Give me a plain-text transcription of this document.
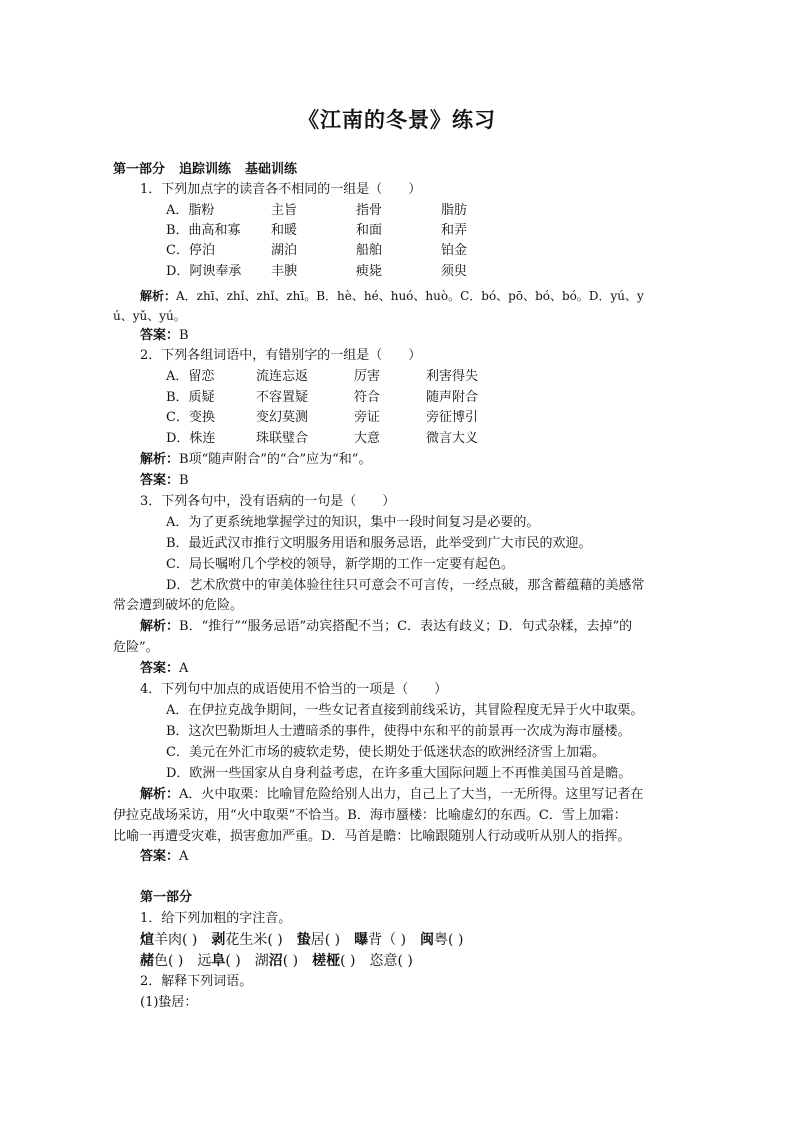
《江南的冬景》练习
第一部分 追踪训练 基础训练
1．下列加点字的读音各不相同的一组是（　　）
A．脂粉	主旨	指骨	脂肪
B．曲高和寡	和暖	和面	和弄
C．停泊	湖泊	船舶	铂金
D．阿谀奉承	丰腴	瘐毙	须臾
解析：A．zhī、zhǐ、zhǐ、zhī。B．hè、hé、huó、huò。C．bó、pō、bó、bó。D．yú、y
ú、yǔ、yú。
答案：B
2．下列各组词语中，有错别字的一组是（　　）
A．留恋	流连忘返	厉害	利害得失
B．质疑	不容置疑	符合	随声附合
C．变换	变幻莫测	旁证	旁征博引
D．株连	珠联璧合	大意	微言大义
解析：B项“随声附合”的“合”应为“和”。
答案：B
3．下列各句中，没有语病的一句是（　　）
A．为了更系统地掌握学过的知识，集中一段时间复习是必要的。
B．最近武汉市推行文明服务用语和服务忌语，此举受到广大市民的欢迎。
C．局长嘱咐几个学校的领导，新学期的工作一定要有起色。
D．艺术欣赏中的审美体验往往只可意会不可言传，一经点破，那含蓄蕴藉的美感常
常会遭到破坏的危险。
解析：B．“推行”“服务忌语”动宾搭配不当；C．表达有歧义；D．句式杂糅，去掉“的
危险”。
答案：A
4．下列句中加点的成语使用不恰当的一项是（　　）
A．在伊拉克战争期间，一些女记者直接到前线采访，其冒险程度无异于火中取栗。
B．这次巴勒斯坦人士遭暗杀的事件，使得中东和平的前景再一次成为海市蜃楼。
C．美元在外汇市场的疲软走势，使长期处于低迷状态的欧洲经济雪上加霜。
D．欧洲一些国家从自身利益考虑，在许多重大国际问题上不再惟美国马首是瞻。
解析：A．火中取栗：比喻冒危险给别人出力，自己上了大当，一无所得。这里写记者在
伊拉克战场采访，用“火中取栗”不恰当。B．海市蜃楼：比喻虚幻的东西。C．雪上加霜：
比喻一再遭受灾难，损害愈加严重。D．马首是瞻：比喻跟随别人行动或听从别人的指挥。
答案：A
第一部分
1．给下列加粗的字注音。
煊羊肉( ) 剥花生米( ) 蛰居( ) 曝背（ ) 闽粤( )
赭色( ) 远阜( ) 湖沼( ) 槎桠( ) 恣意( )
2．解释下列词语。
(1)蛰居：
